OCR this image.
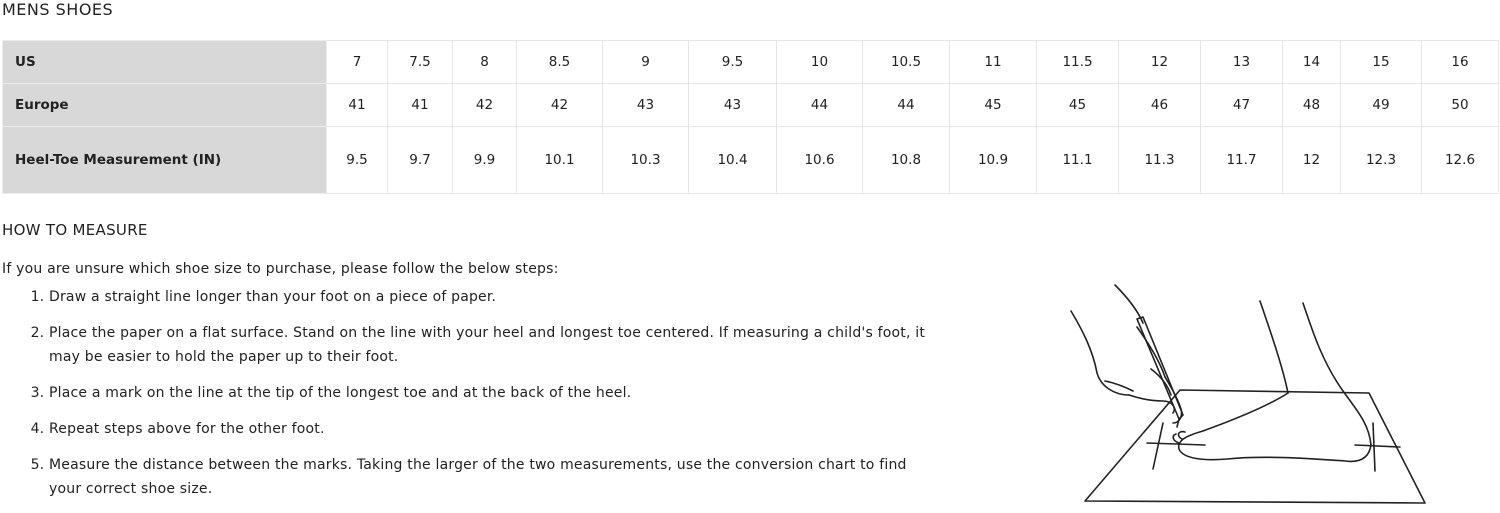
MENS SHOES
US	7	7.5	8	8.5	9	9.5	10	10.5	11	11.5	12	13	14	15	16
Europe	41	41	42	42	43	43	44	44	45	45	46	47	48	49	50
Heel-Toe Measurement (IN)	9.5	9.7	9.9	10.1	10.3	10.4	10.6	10.8	10.9	11.1	11.3	11.7	12	12.3	12.6
HOW TO MEASURE
If you are unsure which shoe size to purchase, please follow the below steps:
1. Draw a straight line longer than your foot on a piece of paper.
2. Place the paper on a flat surface. Stand on the line with your heel and longest toe centered. If measuring a child's foot, it may be easier to hold the paper up to their foot.
3. Place a mark on the line at the tip of the longest toe and at the back of the heel.
4. Repeat steps above for the other foot.
5. Measure the distance between the marks. Taking the larger of the two measurements, use the conversion chart to find your correct shoe size.
